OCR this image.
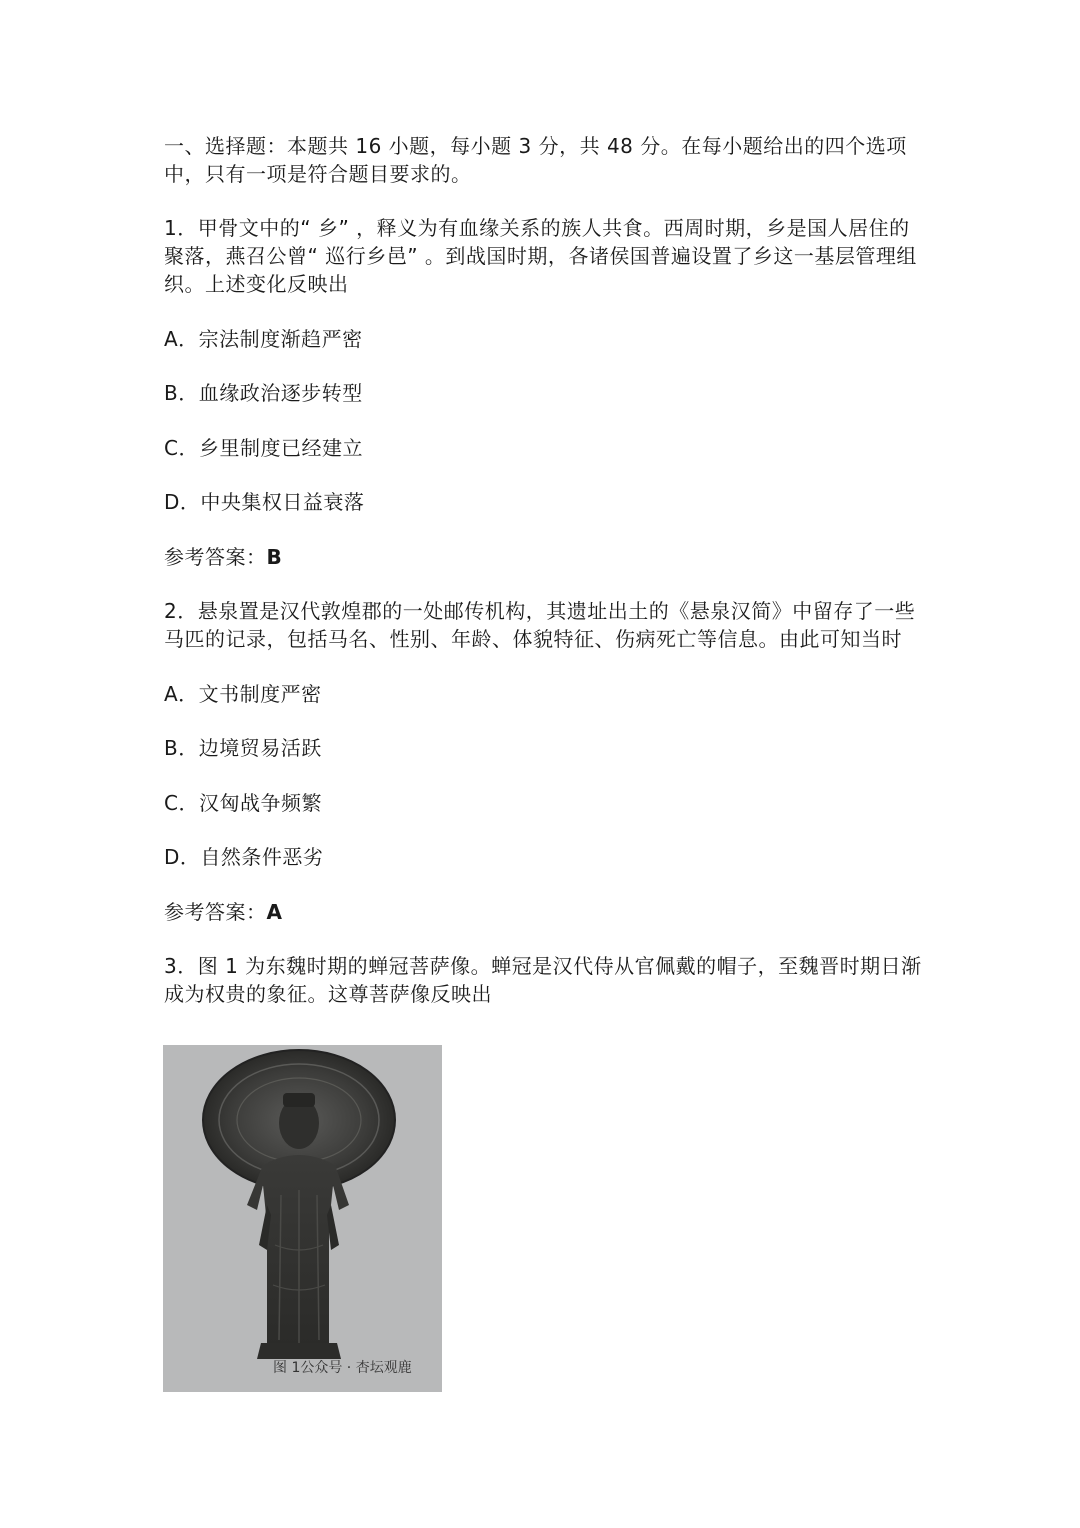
一、选择题：本题共 16 小题，每小题 3 分，共 48 分。在每小题给出的四个选项中，只有一项是符合题目要求的。

1．甲骨文中的“ 乡” ，释义为有血缘关系的族人共食。西周时期，乡是国人居住的聚落，燕召公曾“ 巡行乡邑” 。到战国时期，各诸侯国普遍设置了乡这一基层管理组织。上述变化反映出

A．宗法制度渐趋严密

B．血缘政治逐步转型

C．乡里制度已经建立

D．中央集权日益衰落

参考答案：B

2．悬泉置是汉代敦煌郡的一处邮传机构，其遗址出土的《悬泉汉简》中留存了一些马匹的记录，包括马名、性别、年龄、体貌特征、伤病死亡等信息。由此可知当时

A．文书制度严密

B．边境贸易活跃

C．汉匈战争频繁

D．自然条件恶劣

参考答案：A

3．图 1 为东魏时期的蝉冠菩萨像。蝉冠是汉代侍从官佩戴的帽子，至魏晋时期日渐成为权贵的象征。这尊菩萨像反映出

图 1公众号 · 杏坛观鹿
